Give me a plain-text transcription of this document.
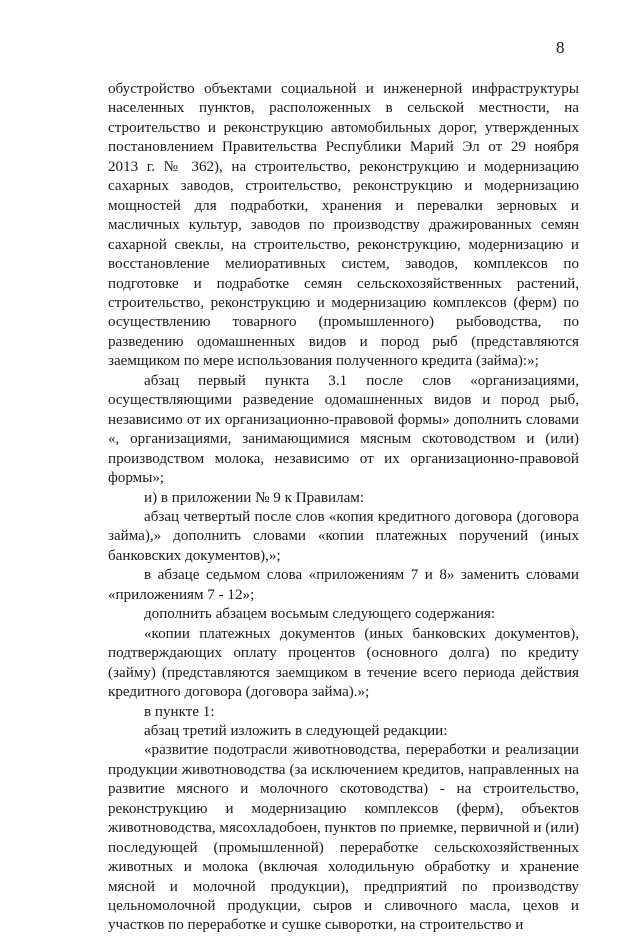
8

обустройство объектами социальной и инженерной инфраструктуры населенных пунктов, расположенных в сельской местности, на строительство и реконструкцию автомобильных дорог, утвержденных постановлением Правительства Республики Марий Эл от 29 ноября 2013 г. № 362), на строительство, реконструкцию и модернизацию сахарных заводов, строительство, реконструкцию и модернизацию мощностей для подработки, хранения и перевалки зерновых и масличных культур, заводов по производству дражированных семян сахарной свеклы, на строительство, реконструкцию, модернизацию и восстановление мелиоративных систем, заводов, комплексов по подготовке и подработке семян сельскохозяйственных растений, строительство, реконструкцию и модернизацию комплексов (ферм) по осуществлению товарного (промышленного) рыбоводства, по разведению одомашненных видов и пород рыб (представляются заемщиком по мере использования полученного кредита (займа):»;

абзац первый пункта 3.1 после слов «организациями, осуществляющими разведение одомашненных видов и пород рыб, независимо от их организационно-правовой формы» дополнить словами «, организациями, занимающимися мясным скотоводством и (или) производством молока, независимо от их организационно-правовой формы»;

и) в приложении № 9 к Правилам:

абзац четвертый после слов «копия кредитного договора (договора займа),» дополнить словами «копии платежных поручений (иных банковских документов),»;

в абзаце седьмом слова «приложениям 7 и 8» заменить словами «приложениям 7 - 12»;

дополнить абзацем восьмым следующего содержания:

«копии платежных документов (иных банковских документов), подтверждающих оплату процентов (основного долга) по кредиту (займу) (представляются заемщиком в течение всего периода действия кредитного договора (договора займа).»;

в пункте 1:

абзац третий изложить в следующей редакции:

«развитие подотрасли животноводства, переработки и реализации продукции животноводства (за исключением кредитов, направленных на развитие мясного и молочного скотоводства) - на строительство, реконструкцию и модернизацию комплексов (ферм), объектов животноводства, мясохладобоен, пунктов по приемке, первичной и (или) последующей (промышленной) переработке сельскохозяйственных животных и молока (включая холодильную обработку и хранение мясной и молочной продукции), предприятий по производству цельномолочной продукции, сыров и сливочного масла, цехов и участков по переработке и сушке сыворотки, на строительство и
